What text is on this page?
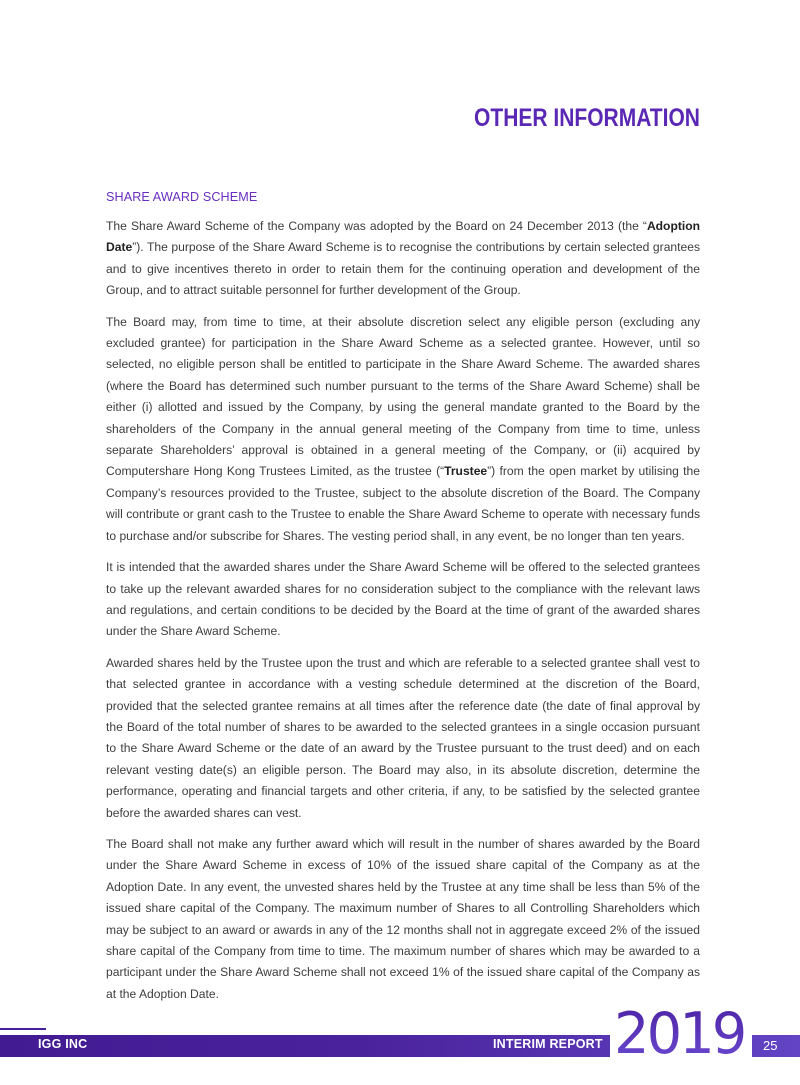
OTHER INFORMATION
SHARE AWARD SCHEME

The Share Award Scheme of the Company was adopted by the Board on 24 December 2013 (the “Adoption Date”). The purpose of the Share Award Scheme is to recognise the contributions by certain selected grantees and to give incentives thereto in order to retain them for the continuing operation and development of the Group, and to attract suitable personnel for further development of the Group.

The Board may, from time to time, at their absolute discretion select any eligible person (excluding any excluded grantee) for participation in the Share Award Scheme as a selected grantee. However, until so selected, no eligible person shall be entitled to participate in the Share Award Scheme. The awarded shares (where the Board has determined such number pursuant to the terms of the Share Award Scheme) shall be either (i) allotted and issued by the Company, by using the general mandate granted to the Board by the shareholders of the Company in the annual general meeting of the Company from time to time, unless separate Shareholders’ approval is obtained in a general meeting of the Company, or (ii) acquired by Computershare Hong Kong Trustees Limited, as the trustee (“Trustee”) from the open market by utilising the Company’s resources provided to the Trustee, subject to the absolute discretion of the Board. The Company will contribute or grant cash to the Trustee to enable the Share Award Scheme to operate with necessary funds to purchase and/or subscribe for Shares. The vesting period shall, in any event, be no longer than ten years.

It is intended that the awarded shares under the Share Award Scheme will be offered to the selected grantees to take up the relevant awarded shares for no consideration subject to the compliance with the relevant laws and regulations, and certain conditions to be decided by the Board at the time of grant of the awarded shares under the Share Award Scheme.

Awarded shares held by the Trustee upon the trust and which are referable to a selected grantee shall vest to that selected grantee in accordance with a vesting schedule determined at the discretion of the Board, provided that the selected grantee remains at all times after the reference date (the date of final approval by the Board of the total number of shares to be awarded to the selected grantees in a single occasion pursuant to the Share Award Scheme or the date of an award by the Trustee pursuant to the trust deed) and on each relevant vesting date(s) an eligible person. The Board may also, in its absolute discretion, determine the performance, operating and financial targets and other criteria, if any, to be satisfied by the selected grantee before the awarded shares can vest.

The Board shall not make any further award which will result in the number of shares awarded by the Board under the Share Award Scheme in excess of 10% of the issued share capital of the Company as at the Adoption Date. In any event, the unvested shares held by the Trustee at any time shall be less than 5% of the issued share capital of the Company. The maximum number of Shares to all Controlling Shareholders which may be subject to an award or awards in any of the 12 months shall not in aggregate exceed 2% of the issued share capital of the Company from time to time. The maximum number of shares which may be awarded to a participant under the Share Award Scheme shall not exceed 1% of the issued share capital of the Company as at the Adoption Date.

IGG INC	INTERIM REPORT 2019 25
